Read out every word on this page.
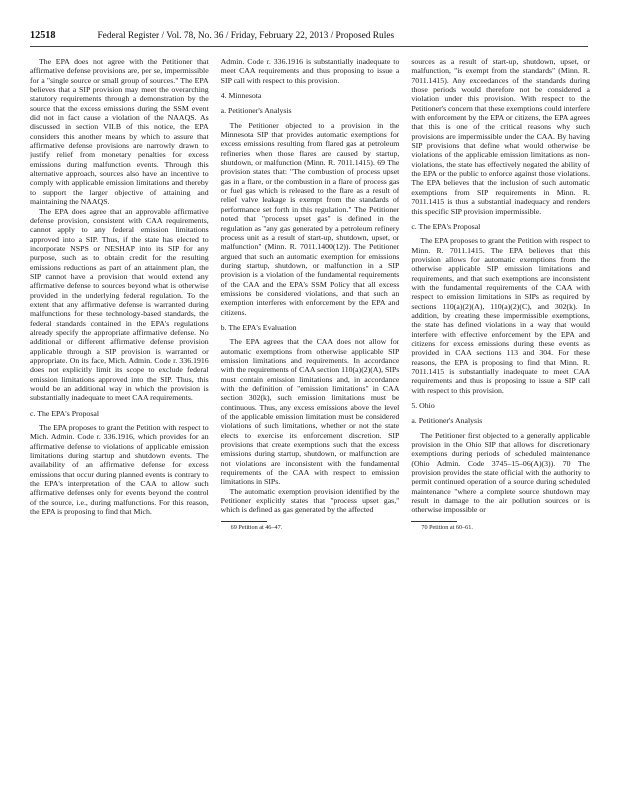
12518	Federal Register / Vol. 78, No. 36 / Friday, February 22, 2013 / Proposed Rules

The EPA does not agree with the Petitioner that affirmative defense provisions are, per se, impermissible for a "single source or small group of sources." The EPA believes that a SIP provision may meet the overarching statutory requirements through a demonstration by the source that the excess emissions during the SSM event did not in fact cause a violation of the NAAQS. As discussed in section VII.B of this notice, the EPA considers this another means by which to assure that affirmative defense provisions are narrowly drawn to justify relief from monetary penalties for excess emissions during malfunction events. Through this alternative approach, sources also have an incentive to comply with applicable emission limitations and thereby to support the larger objective of attaining and maintaining the NAAQS.

The EPA does agree that an approvable affirmative defense provision, consistent with CAA requirements, cannot apply to any federal emission limitations approved into a SIP. Thus, if the state has elected to incorporate NSPS or NESHAP into its SIP for any purpose, such as to obtain credit for the resulting emissions reductions as part of an attainment plan, the SIP cannot have a provision that would extend any affirmative defense to sources beyond what is otherwise provided in the underlying federal regulation. To the extent that any affirmative defense is warranted during malfunctions for these technology-based standards, the federal standards contained in the EPA's regulations already specify the appropriate affirmative defense. No additional or different affirmative defense provision applicable through a SIP provision is warranted or appropriate. On its face, Mich. Admin. Code r. 336.1916 does not explicitly limit its scope to exclude federal emission limitations approved into the SIP. Thus, this would be an additional way in which the provision is substantially inadequate to meet CAA requirements.

c. The EPA's Proposal

The EPA proposes to grant the Petition with respect to Mich. Admin. Code r. 336.1916, which provides for an affirmative defense to violations of applicable emission limitations during startup and shutdown events. The availability of an affirmative defense for excess emissions that occur during planned events is contrary to the EPA's interpretation of the CAA to allow such affirmative defenses only for events beyond the control of the source, i.e., during malfunctions. For this reason, the EPA is proposing to find that Mich.

Admin. Code r. 336.1916 is substantially inadequate to meet CAA requirements and thus proposing to issue a SIP call with respect to this provision.

4. Minnesota
a. Petitioner's Analysis

The Petitioner objected to a provision in the Minnesota SIP that provides automatic exemptions for excess emissions resulting from flared gas at petroleum refineries when those flares are caused by startup, shutdown, or malfunction (Minn. R. 7011.1415). 69 The provision states that: "The combustion of process upset gas in a flare, or the combustion in a flare of process gas or fuel gas which is released to the flare as a result of relief valve leakage is exempt from the standards of performance set forth in this regulation." The Petitioner noted that "process upset gas" is defined in the regulation as "any gas generated by a petroleum refinery process unit as a result of start-up, shutdown, upset, or malfunction" (Minn. R. 7011.1400(12)). The Petitioner argued that such an automatic exemption for emissions during startup, shutdown, or malfunction in a SIP provision is a violation of the fundamental requirements of the CAA and the EPA's SSM Policy that all excess emissions be considered violations, and that such an exemption interferes with enforcement by the EPA and citizens.

b. The EPA's Evaluation

The EPA agrees that the CAA does not allow for automatic exemptions from otherwise applicable SIP emission limitations and requirements. In accordance with the requirements of CAA section 110(a)(2)(A), SIPs must contain emission limitations and, in accordance with the definition of "emission limitations" in CAA section 302(k), such emission limitations must be continuous. Thus, any excess emissions above the level of the applicable emission limitation must be considered violations of such limitations, whether or not the state elects to exercise its enforcement discretion. SIP provisions that create exemptions such that the excess emissions during startup, shutdown, or malfunction are not violations are inconsistent with the fundamental requirements of the CAA with respect to emission limitations in SIPs.

The automatic exemption provision identified by the Petitioner explicitly states that "process upset gas," which is defined as gas generated by the affected

69 Petition at 46–47.

sources as a result of start-up, shutdown, upset, or malfunction, "is exempt from the standards" (Minn. R. 7011.1415). Any exceedances of the standards during those periods would therefore not be considered a violation under this provision. With respect to the Petitioner's concern that these exemptions could interfere with enforcement by the EPA or citizens, the EPA agrees that this is one of the critical reasons why such provisions are impermissible under the CAA. By having SIP provisions that define what would otherwise be violations of the applicable emission limitations as non-violations, the state has effectively negated the ability of the EPA or the public to enforce against those violations. The EPA believes that the inclusion of such automatic exemptions from SIP requirements in Minn. R. 7011.1415 is thus a substantial inadequacy and renders this specific SIP provision impermissible.

c. The EPA's Proposal

The EPA proposes to grant the Petition with respect to Minn. R. 7011.1415. The EPA believes that this provision allows for automatic exemptions from the otherwise applicable SIP emission limitations and requirements, and that such exemptions are inconsistent with the fundamental requirements of the CAA with respect to emission limitations in SIPs as required by sections 110(a)(2)(A), 110(a)(2)(C), and 302(k). In addition, by creating these impermissible exemptions, the state has defined violations in a way that would interfere with effective enforcement by the EPA and citizens for excess emissions during these events as provided in CAA sections 113 and 304. For these reasons, the EPA is proposing to find that Minn. R. 7011.1415 is substantially inadequate to meet CAA requirements and thus is proposing to issue a SIP call with respect to this provision.

5. Ohio
a. Petitioner's Analysis

The Petitioner first objected to a generally applicable provision in the Ohio SIP that allows for discretionary exemptions during periods of scheduled maintenance (Ohio Admin. Code 3745–15–06(A)(3)). 70 The provision provides the state official with the authority to permit continued operation of a source during scheduled maintenance "where a complete source shutdown may result in damage to the air pollution sources or is otherwise impossible or

70 Petition at 60–61.
